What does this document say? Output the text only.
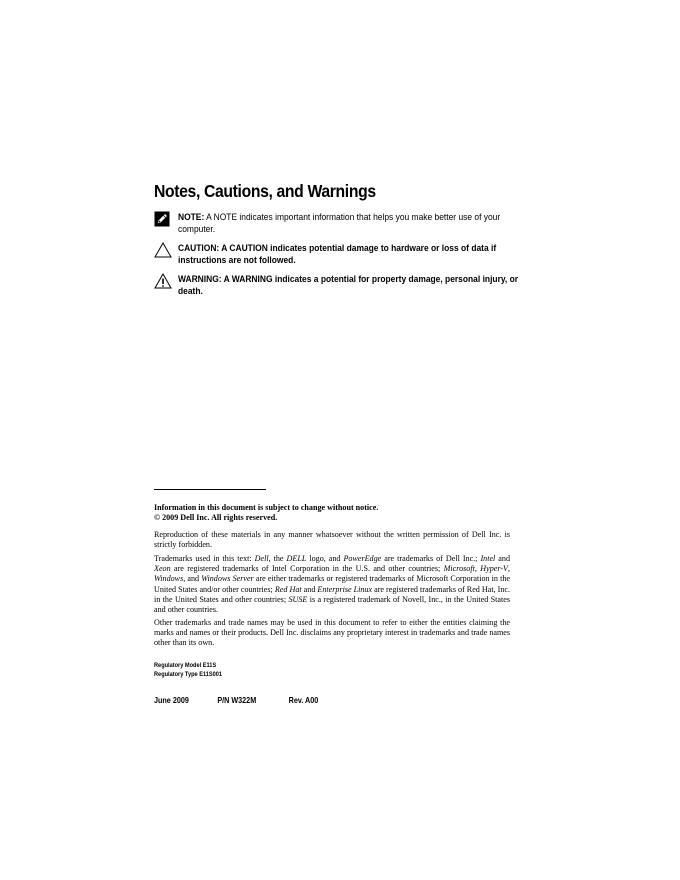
Notes, Cautions, and Warnings
NOTE: A NOTE indicates important information that helps you make better use of your computer.
CAUTION: A CAUTION indicates potential damage to hardware or loss of data if instructions are not followed.
WARNING: A WARNING indicates a potential for property damage, personal injury, or death.
Information in this document is subject to change without notice.
© 2009 Dell Inc. All rights reserved.
Reproduction of these materials in any manner whatsoever without the written permission of Dell Inc. is strictly forbidden.
Trademarks used in this text: Dell, the DELL logo, and PowerEdge are trademarks of Dell Inc.; Intel and Xeon are registered trademarks of Intel Corporation in the U.S. and other countries; Microsoft, Hyper-V, Windows, and Windows Server are either trademarks or registered trademarks of Microsoft Corporation in the United States and/or other countries; Red Hat and Enterprise Linux are registered trademarks of Red Hat, Inc. in the United States and other countries; SUSE is a registered trademark of Novell, Inc., in the United States and other countries.
Other trademarks and trade names may be used in this document to refer to either the entities claiming the marks and names or their products. Dell Inc. disclaims any proprietary interest in trademarks and trade names other than its own.
Regulatory Model E11S
Regulatory Type E11S001
June 2009	P/N W322M	Rev. A00
